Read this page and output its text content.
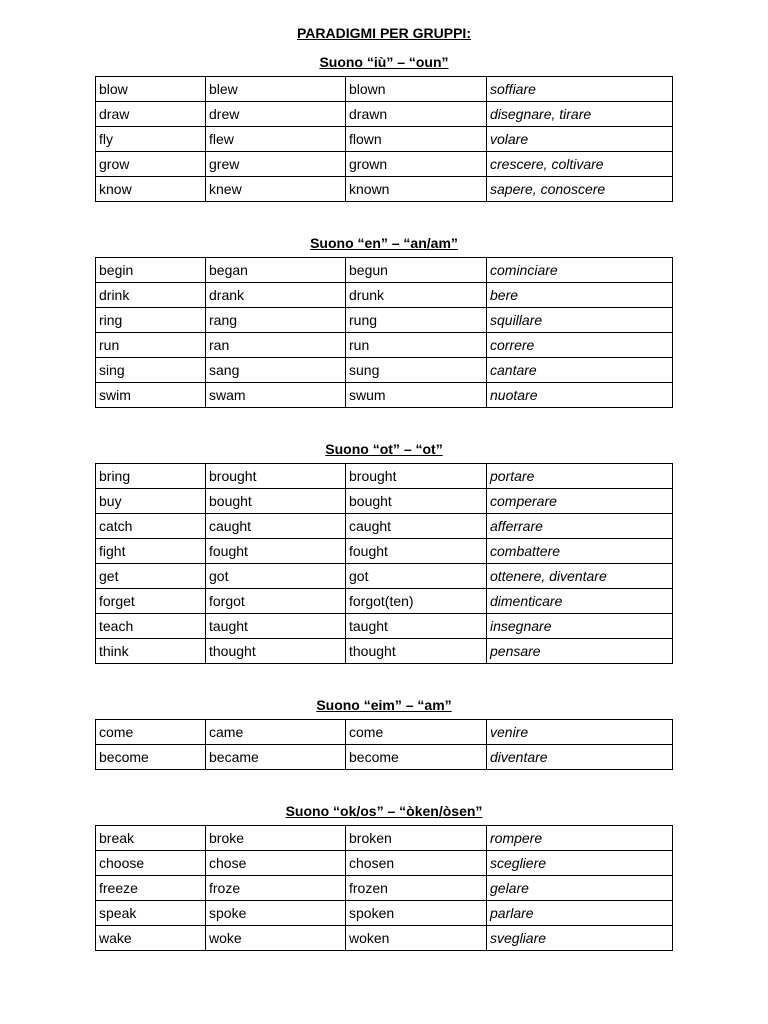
PARADIGMI PER GRUPPI:
Suono “iù” – “oun”
blow	blew	blown	soffiare
draw	drew	drawn	disegnare, tirare
fly	flew	flown	volare
grow	grew	grown	crescere, coltivare
know	knew	known	sapere, conoscere
Suono “en” – “an/am”
begin	began	begun	cominciare
drink	drank	drunk	bere
ring	rang	rung	squillare
run	ran	run	correre
sing	sang	sung	cantare
swim	swam	swum	nuotare
Suono “ot” – “ot”
bring	brought	brought	portare
buy	bought	bought	comperare
catch	caught	caught	afferrare
fight	fought	fought	combattere
get	got	got	ottenere, diventare
forget	forgot	forgot(ten)	dimenticare
teach	taught	taught	insegnare
think	thought	thought	pensare
Suono “eim” – “am”
come	came	come	venire
become	became	become	diventare
Suono “ok/os” – “òken/òsen”
break	broke	broken	rompere
choose	chose	chosen	scegliere
freeze	froze	frozen	gelare
speak	spoke	spoken	parlare
wake	woke	woken	svegliare
